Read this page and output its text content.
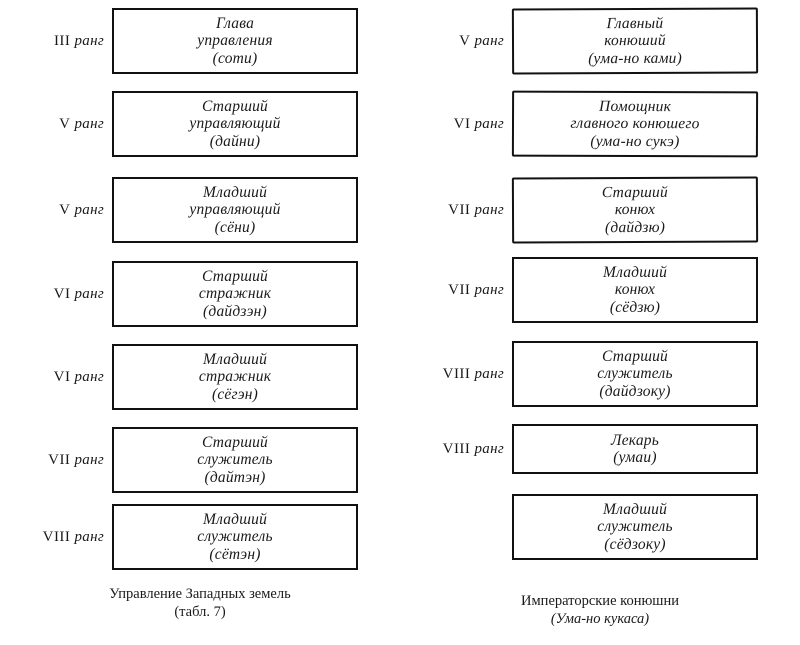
III ранг
Глава
управления
(соти)
V ранг
Старший
управляющий
(дайни)
V ранг
Младший
управляющий
(сёни)
VI ранг
Старший
стражник
(дайдзэн)
VI ранг
Младший
стражник
(сёгэн)
VII ранг
Старший
служитель
(дайтэн)
VIII ранг
Младший
служитель
(сётэн)
Управление Западных земель
(табл. 7)
V ранг
Главный
конюший
(ума-но ками)
VI ранг
Помощник
главного конюшего
(ума-но сукэ)
VII ранг
Старший
конюх
(дайдзю)
VII ранг
Младший
конюх
(сёдзю)
VIII ранг
Старший
служитель
(дайдзоку)
VIII ранг	Лекарь
(умаи)
Младший
служитель
(сёдзоку)
Императорские конюшни
(Ума-но кукаса)
